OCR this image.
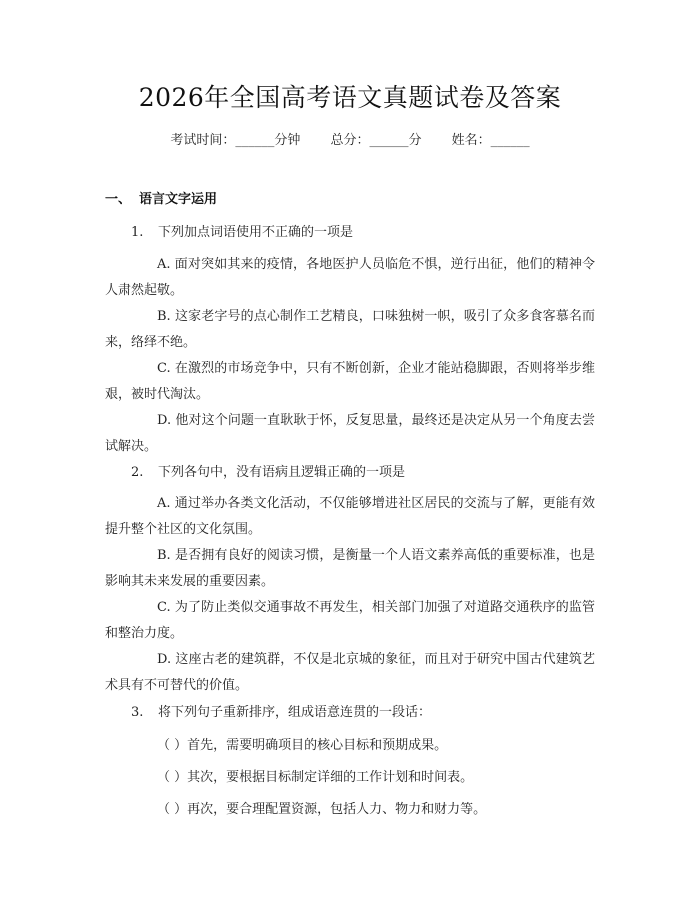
2026年全国高考语文真题试卷及答案
考试时间：______分钟 总分：______分 姓名：______
一、 语言文字运用
1. 下列加点词语使用不正确的一项是
A. 面对突如其来的疫情，各地医护人员临危不惧，逆行出征，他们的精神令人肃然起敬。
B. 这家老字号的点心制作工艺精良，口味独树一帜，吸引了众多食客慕名而来，络绎不绝。
C. 在激烈的市场竞争中，只有不断创新，企业才能站稳脚跟，否则将举步维艰，被时代淘汰。
D. 他对这个问题一直耿耿于怀，反复思量，最终还是决定从另一个角度去尝试解决。
2. 下列各句中，没有语病且逻辑正确的一项是
A. 通过举办各类文化活动，不仅能够增进社区居民的交流与了解，更能有效提升整个社区的文化氛围。
B. 是否拥有良好的阅读习惯，是衡量一个人语文素养高低的重要标准，也是影响其未来发展的重要因素。
C. 为了防止类似交通事故不再发生，相关部门加强了对道路交通秩序的监管和整治力度。
D. 这座古老的建筑群，不仅是北京城的象征，而且对于研究中国古代建筑艺术具有不可替代的价值。
3. 将下列句子重新排序，组成语意连贯的一段话：
（ ）首先，需要明确项目的核心目标和预期成果。
（ ）其次，要根据目标制定详细的工作计划和时间表。
（ ）再次，要合理配置资源，包括人力、物力和财力等。
